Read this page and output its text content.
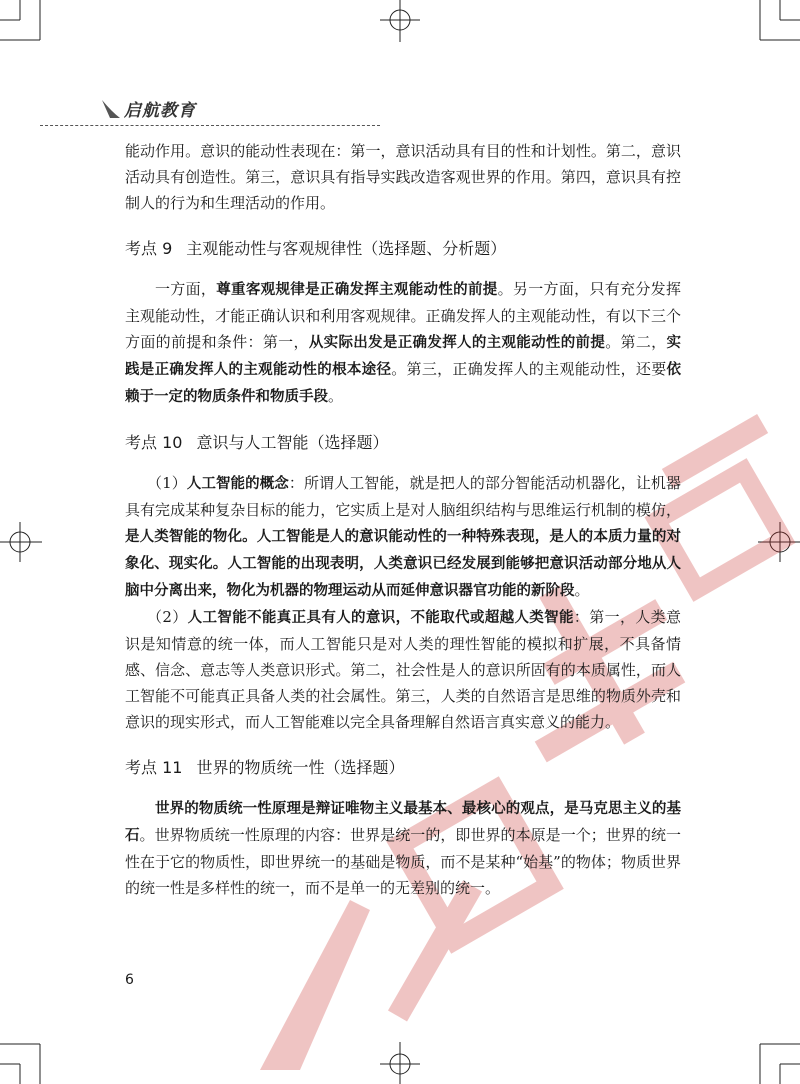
启航教育

能动作用。意识的能动性表现在：第一，意识活动具有目的性和计划性。第二，意识活动具有创造性。第三，意识具有指导实践改造客观世界的作用。第四，意识具有控制人的行为和生理活动的作用。

考点 9 主观能动性与客观规律性（选择题、分析题）

一方面，尊重客观规律是正确发挥主观能动性的前提。另一方面，只有充分发挥主观能动性，才能正确认识和利用客观规律。正确发挥人的主观能动性，有以下三个方面的前提和条件：第一，从实际出发是正确发挥人的主观能动性的前提。第二，实践是正确发挥人的主观能动性的根本途径。第三，正确发挥人的主观能动性，还要依赖于一定的物质条件和物质手段。

考点 10 意识与人工智能（选择题）

（1）人工智能的概念：所谓人工智能，就是把人的部分智能活动机器化，让机器具有完成某种复杂目标的能力，它实质上是对人脑组织结构与思维运行机制的模仿，是人类智能的物化。人工智能是人的意识能动性的一种特殊表现，是人的本质力量的对象化、现实化。人工智能的出现表明，人类意识已经发展到能够把意识活动部分地从人脑中分离出来，物化为机器的物理运动从而延伸意识器官功能的新阶段。

（2）人工智能不能真正具有人的意识，不能取代或超越人类智能：第一，人类意识是知情意的统一体，而人工智能只是对人类的理性智能的模拟和扩展，不具备情感、信念、意志等人类意识形式。第二，社会性是人的意识所固有的本质属性，而人工智能不可能真正具备人类的社会属性。第三，人类的自然语言是思维的物质外壳和意识的现实形式，而人工智能难以完全具备理解自然语言真实意义的能力。

考点 11 世界的物质统一性（选择题）

世界的物质统一性原理是辩证唯物主义最基本、最核心的观点，是马克思主义的基石。世界物质统一性原理的内容：世界是统一的，即世界的本原是一个；世界的统一性在于它的物质性，即世界统一的基础是物质，而不是某种“始基”的物体；物质世界的统一性是多样性的统一，而不是单一的无差别的统一。

6
